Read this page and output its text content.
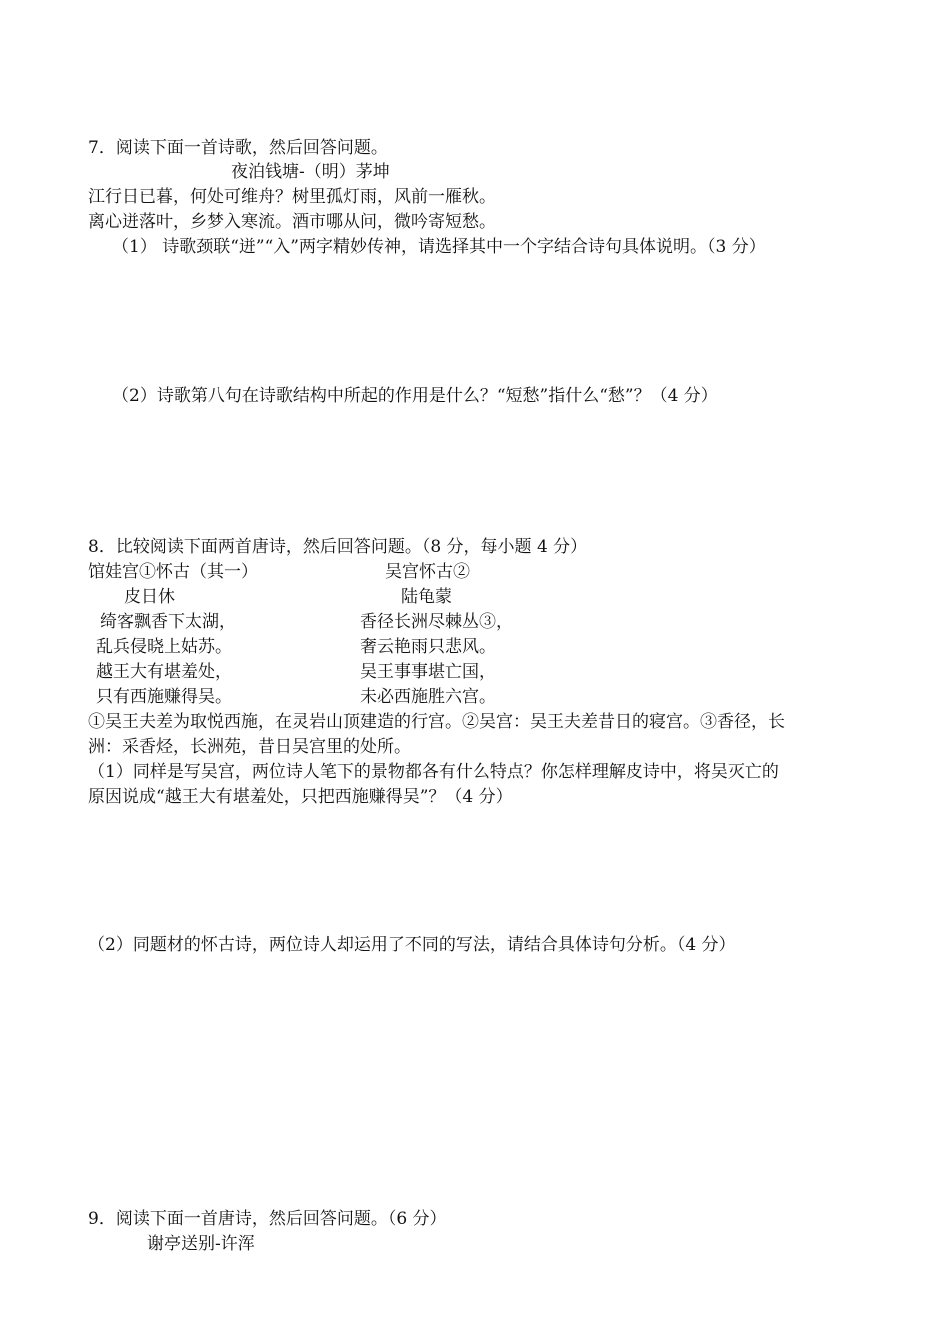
7．阅读下面一首诗歌，然后回答问题。
夜泊钱塘-（明）茅坤
江行日已暮，何处可维舟？树里孤灯雨，风前一雁秋。
离心迸落叶，乡梦入寒流。酒市哪从问，微吟寄短愁。
（1） 诗歌颈联“迸”“入”两字精妙传神，请选择其中一个字结合诗句具体说明。（3 分）
（2）诗歌第八句在诗歌结构中所起的作用是什么？“短愁”指什么“愁”？（4 分）
8．比较阅读下面两首唐诗，然后回答问题。（8 分，每小题 4 分）
馆娃宫①怀古（其一）	吴宫怀古②
皮日休	陆龟蒙
绮客飘香下太湖，	香径长洲尽棘丛③，
乱兵侵晓上姑苏。	奢云艳雨只悲风。
越王大有堪羞处，	吴王事事堪亡国，
只有西施赚得吴。	未必西施胜六宫。
①吴王夫差为取悦西施，在灵岩山顶建造的行宫。②吴宫：吴王夫差昔日的寝宫。③香径，长
洲：采香烃，长洲苑，昔日吴宫里的处所。
（1）同样是写吴宫，两位诗人笔下的景物都各有什么特点？你怎样理解皮诗中，将吴灭亡的
原因说成“越王大有堪羞处，只把西施赚得吴”？（4 分）
（2）同题材的怀古诗，两位诗人却运用了不同的写法，请结合具体诗句分析。（4 分）
9．阅读下面一首唐诗，然后回答问题。（6 分）
谢亭送别-许浑
